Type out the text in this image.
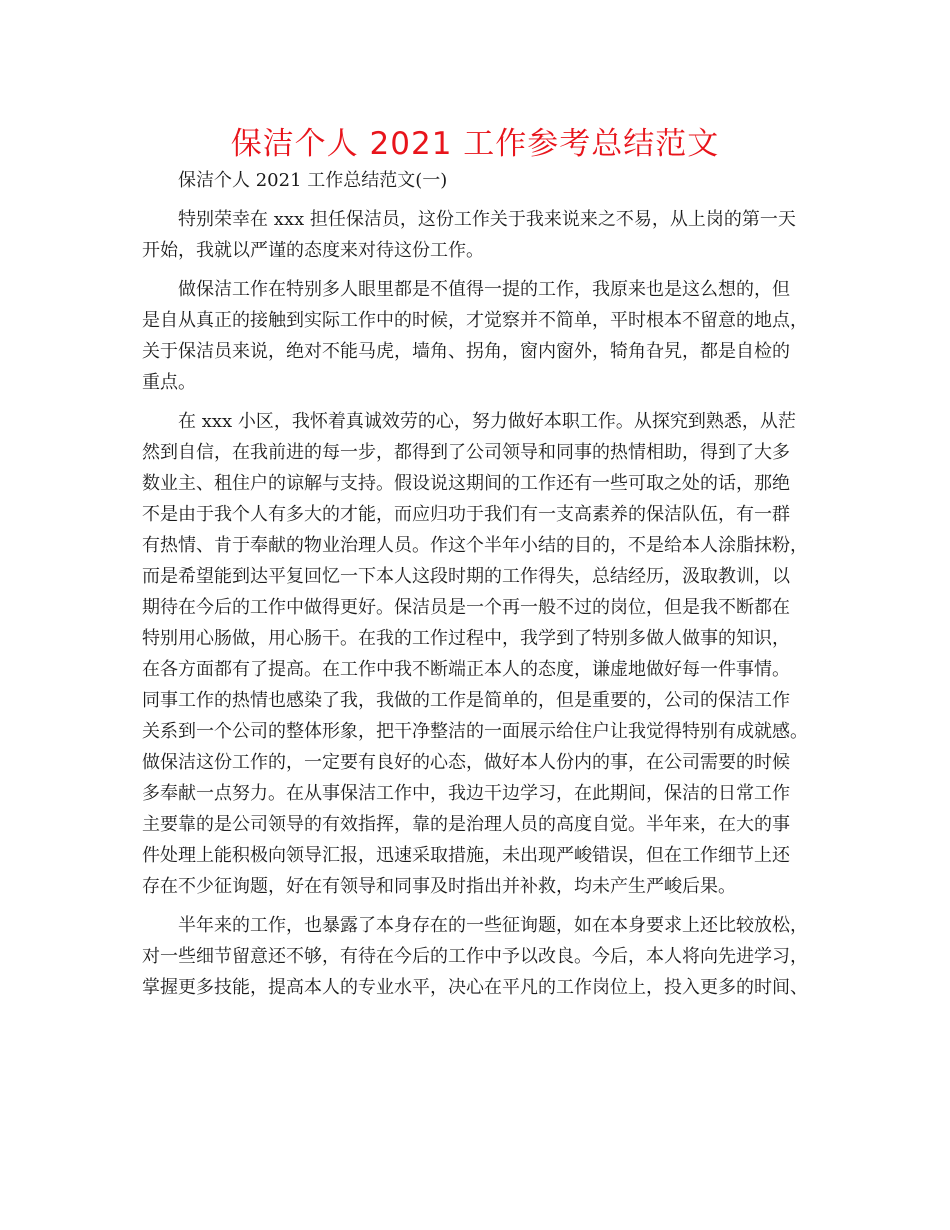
保洁个人 2021 工作参考总结范文
保洁个人 2021 工作总结范文(一)
特别荣幸在 xxx 担任保洁员，这份工作关于我来说来之不易，从上岗的第一天
开始，我就以严谨的态度来对待这份工作。
做保洁工作在特别多人眼里都是不值得一提的工作，我原来也是这么想的，但
是自从真正的接触到实际工作中的时候，才觉察并不简单，平时根本不留意的地点，
关于保洁员来说，绝对不能马虎，墙角、拐角，窗内窗外，犄角旮旯，都是自检的
重点。
在 xxx 小区，我怀着真诚效劳的心，努力做好本职工作。从探究到熟悉，从茫
然到自信，在我前进的每一步，都得到了公司领导和同事的热情相助，得到了大多
数业主、租住户的谅解与支持。假设说这期间的工作还有一些可取之处的话，那绝
不是由于我个人有多大的才能，而应归功于我们有一支高素养的保洁队伍，有一群
有热情、肯于奉献的物业治理人员。作这个半年小结的目的，不是给本人涂脂抹粉，
而是希望能到达平复回忆一下本人这段时期的工作得失，总结经历，汲取教训，以
期待在今后的工作中做得更好。保洁员是一个再一般不过的岗位，但是我不断都在
特别用心肠做，用心肠干。在我的工作过程中，我学到了特别多做人做事的知识，
在各方面都有了提高。在工作中我不断端正本人的态度，谦虚地做好每一件事情。
同事工作的热情也感染了我，我做的工作是简单的，但是重要的，公司的保洁工作
关系到一个公司的整体形象，把干净整洁的一面展示给住户让我觉得特别有成就感。
做保洁这份工作的，一定要有良好的心态，做好本人份内的事，在公司需要的时候
多奉献一点努力。在从事保洁工作中，我边干边学习，在此期间，保洁的日常工作
主要靠的是公司领导的有效指挥，靠的是治理人员的高度自觉。半年来，在大的事
件处理上能积极向领导汇报，迅速采取措施，未出现严峻错误，但在工作细节上还
存在不少征询题，好在有领导和同事及时指出并补救，均未产生严峻后果。
半年来的工作，也暴露了本身存在的一些征询题，如在本身要求上还比较放松，
对一些细节留意还不够，有待在今后的工作中予以改良。今后，本人将向先进学习，
掌握更多技能，提高本人的专业水平，决心在平凡的工作岗位上，投入更多的时间、
